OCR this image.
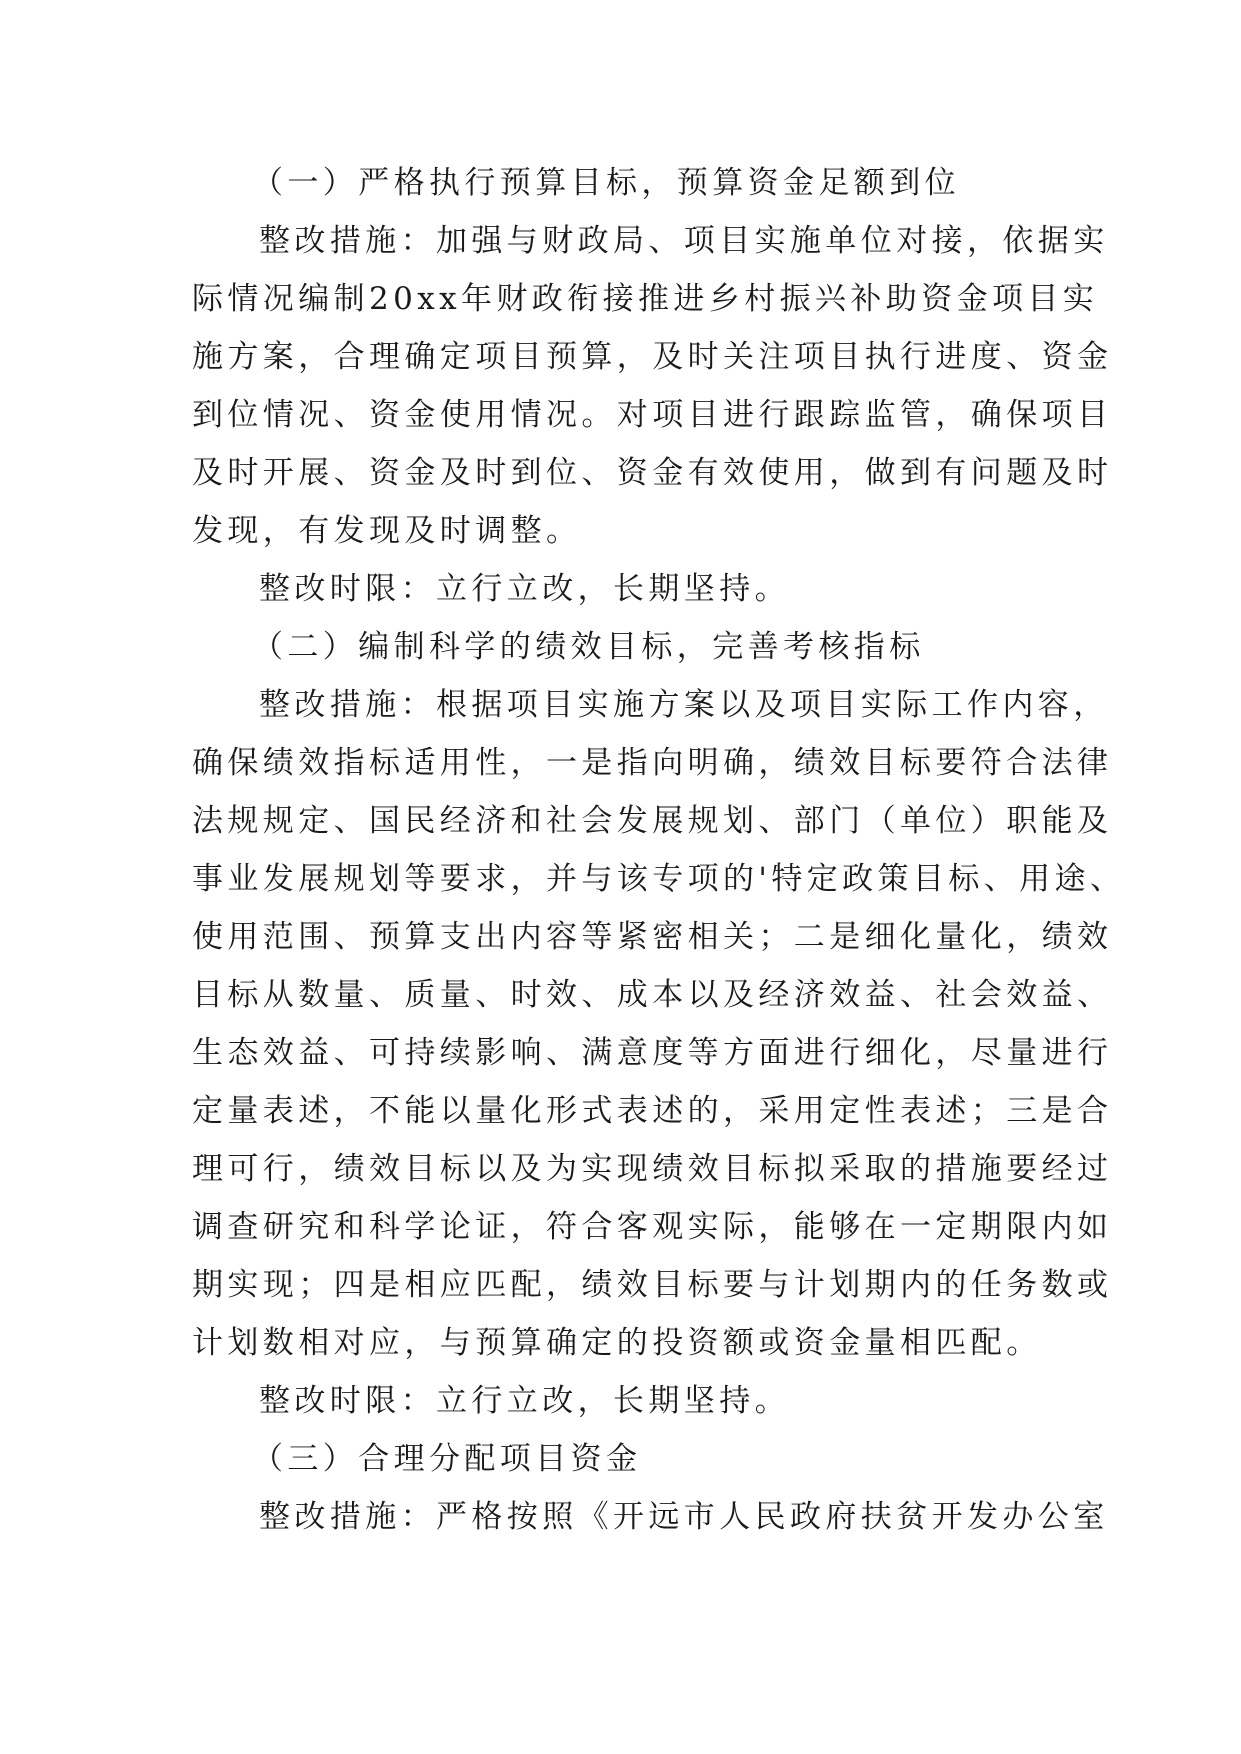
（一）严格执行预算目标，预算资金足额到位
整改措施：加强与财政局、项目实施单位对接，依据实
际情况编制20xx年财政衔接推进乡村振兴补助资金项目实
施方案，合理确定项目预算，及时关注项目执行进度、资金
到位情况、资金使用情况。对项目进行跟踪监管，确保项目
及时开展、资金及时到位、资金有效使用，做到有问题及时
发现，有发现及时调整。
整改时限：立行立改，长期坚持。
（二）编制科学的绩效目标，完善考核指标
整改措施：根据项目实施方案以及项目实际工作内容，
确保绩效指标适用性，一是指向明确，绩效目标要符合法律
法规规定、国民经济和社会发展规划、部门（单位）职能及
事业发展规划等要求，并与该专项的'特定政策目标、用途、
使用范围、预算支出内容等紧密相关；二是细化量化，绩效
目标从数量、质量、时效、成本以及经济效益、社会效益、
生态效益、可持续影响、满意度等方面进行细化，尽量进行
定量表述，不能以量化形式表述的，采用定性表述；三是合
理可行，绩效目标以及为实现绩效目标拟采取的措施要经过
调查研究和科学论证，符合客观实际，能够在一定期限内如
期实现；四是相应匹配，绩效目标要与计划期内的任务数或
计划数相对应，与预算确定的投资额或资金量相匹配。
整改时限：立行立改，长期坚持。
（三）合理分配项目资金
整改措施：严格按照《开远市人民政府扶贫开发办公室
